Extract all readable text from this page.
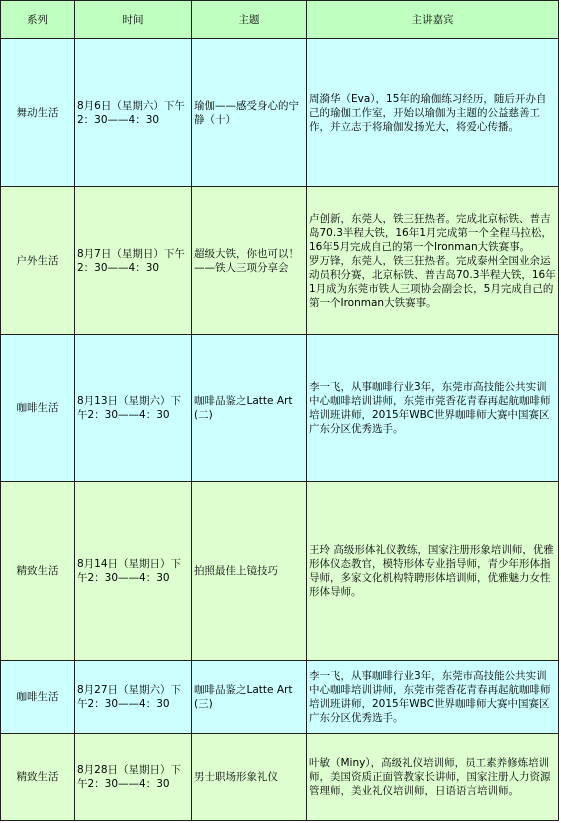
系列	时间	主题	主讲嘉宾
舞动生活	8月6日（星期六）下午2：30——4：30	瑜伽——感受身心的宁静（十）	周漪华（Eva），15年的瑜伽练习经历，随后开办自己的瑜伽工作室，开始以瑜伽为主题的公益慈善工作，并立志于将瑜伽发扬光大，将爱心传播。
户外生活	8月7日（星期日）下午2：30——4：30	超级大铁，你也可以！——铁人三项分享会	卢创新，东莞人，铁三狂热者。完成北京标铁、普吉岛70.3半程大铁，16年1月完成第一个全程马拉松，16年5月完成自己的第一个Ironman大铁赛事。
罗万锋，东莞人，铁三狂热者。完成泰州全国业余运动员积分赛，北京标铁、普吉岛70.3半程大铁，16年1月成为东莞市铁人三项协会副会长，5月完成自己的第一个Ironman大铁赛事。
咖啡生活	8月13日（星期六）下午2：30——4：30	咖啡品鉴之Latte Art(二)	李一飞，从事咖啡行业3年，东莞市高技能公共实训中心咖啡培训讲师，东莞市莞香花青春再起航咖啡师培训班讲师，2015年WBC世界咖啡师大赛中国赛区广东分区优秀选手。
精致生活	8月14日（星期日）下午2：30——4：30	拍照最佳上镜技巧	王玲 高级形体礼仪教练，国家注册形象培训师，优雅形体仪态教官，模特形体专业指导师，青少年形体指导师，多家文化机构特聘形体培训师，优雅魅力女性形体导师。
咖啡生活	8月27日（星期六）下午2：30——4：30	咖啡品鉴之Latte Art(三)	李一飞，从事咖啡行业3年，东莞市高技能公共实训中心咖啡培训讲师，东莞市莞香花青春再起航咖啡师培训班讲师，2015年WBC世界咖啡师大赛中国赛区广东分区优秀选手。
精致生活	8月28日（星期日）下午2：30——4：30	男士职场形象礼仪	叶敏（Miny），高级礼仪培训师，员工素养修炼培训师，美国资质正面管教家长讲师，国家注册人力资源管理师，美业礼仪培训师，日语语言培训师。
